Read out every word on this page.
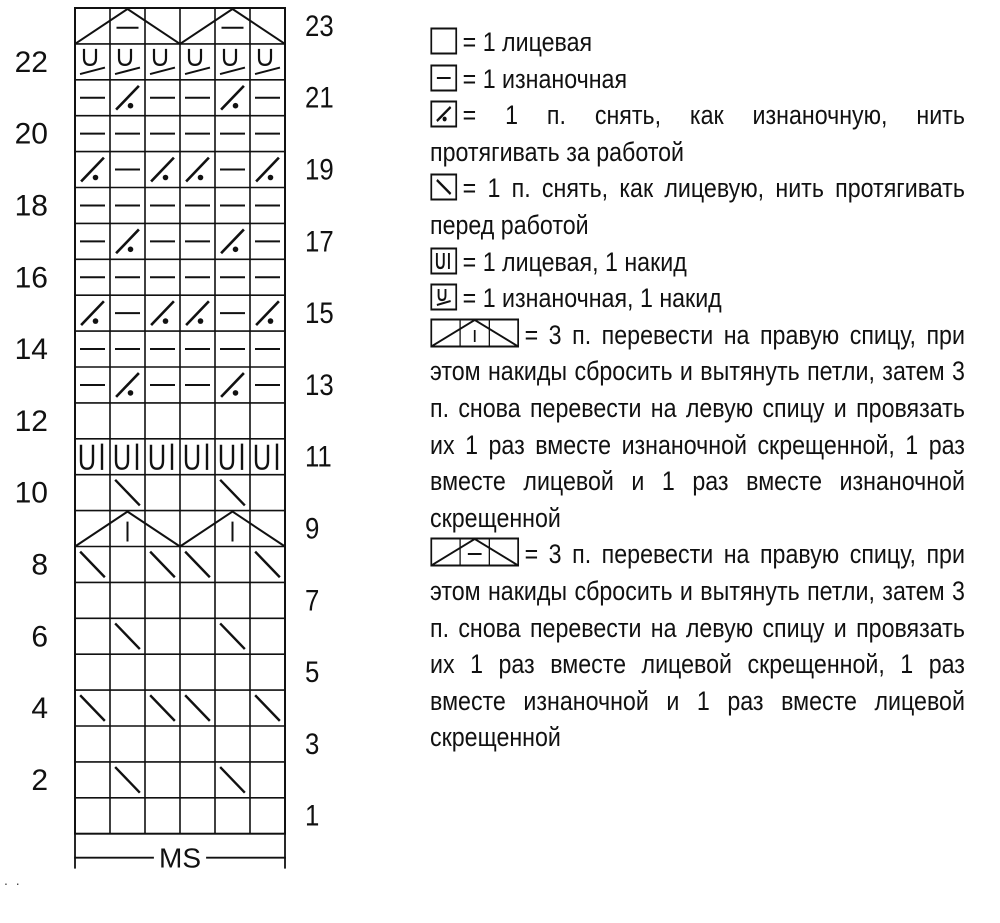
23
21
19
17
15
13
11
9
7
5
3
1
22
20
18
16
14
12
10
8
6
4
2
MS
= 1 лицевая
= 1 изнаночная
= 1 п. снять, как изнаночную, нить протягивать за работой
= 1 п. снять, как лицевую, нить протягивать перед работой
= 1 лицевая, 1 накид
= 1 изнаночная, 1 накид
= 3 п. перевести на правую спицу, при этом накиды сбросить и вытянуть петли, затем 3 п. снова перевести на левую спицу и провязать их 1 раз вместе изнаночной скрещенной, 1 раз вместе лицевой и 1 раз вместе изнаночной скрещенной
= 3 п. перевести на правую спицу, при этом накиды сбросить и вытянуть петли, затем 3 п. снова перевести на левую спицу и провязать их 1 раз вместе лицевой скрещенной, 1 раз вместе изнаночной и 1 раз вместе лицевой скрещенной
. .
